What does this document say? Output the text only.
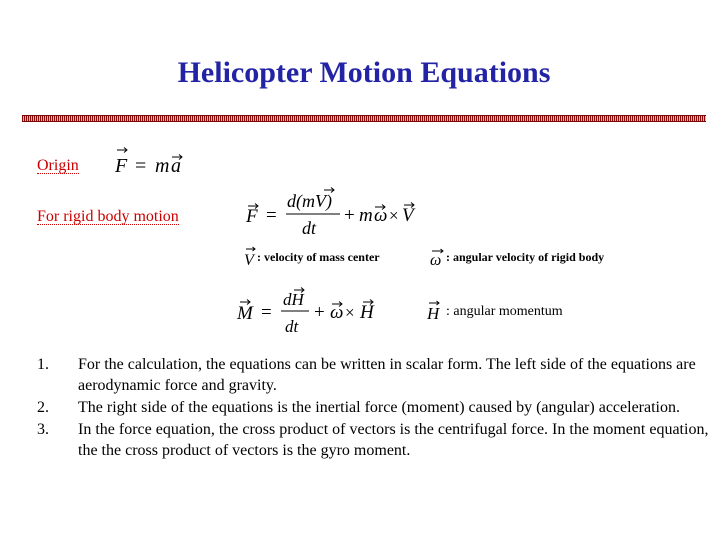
Helicopter Motion Equations
Origin F = m a
For rigid body motion	F =
d(mV)
dt
+ m ω × V
V : velocity of mass center	ω : angular velocity of rigid body
M =
dH
dt
+ ω × H	H : angular momentum
1. For the calculation, the equations can be written in scalar form. The left side of the equations are aerodynamic force and gravity.
2. The right side of the equations is the inertial force (moment) caused by (angular) acceleration.
3. In the force equation, the cross product of vectors is the centrifugal force. In the moment equation, the the cross product of vectors is the gyro moment.
